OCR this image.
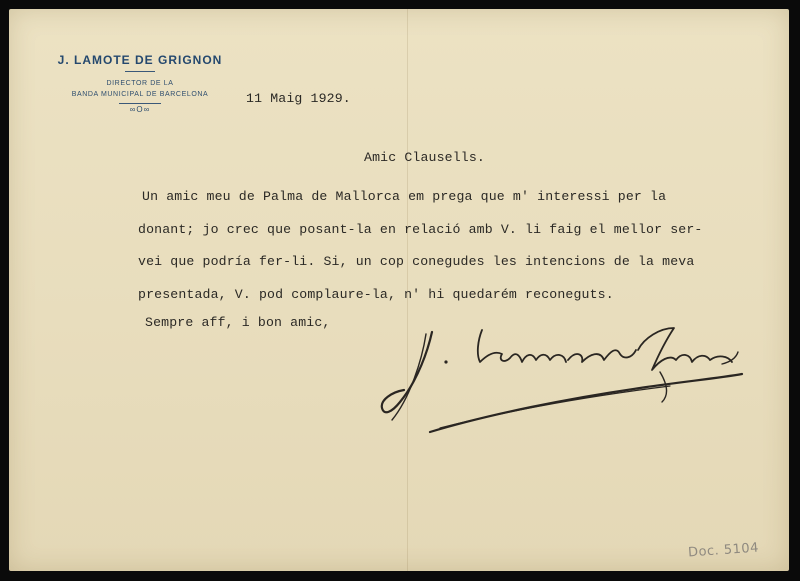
J. LAMOTE DE GRIGNON
DIRECTOR DE LA
BANDA MUNICIPAL DE BARCELONA
∞O∞
11 Maig 1929.
Amic Clausells.
Un amic meu de Palma de Mallorca em prega que m' interessi per la
donant; jo crec que posant-la en relació amb V. li faig el mellor ser-
vei que podría fer-li. Si, un cop conegudes les intencions de la meva
presentada, V. pod complaure-la, n' hi quedarém reconeguts.
Sempre aff, i bon amic,
Doc. 5104
